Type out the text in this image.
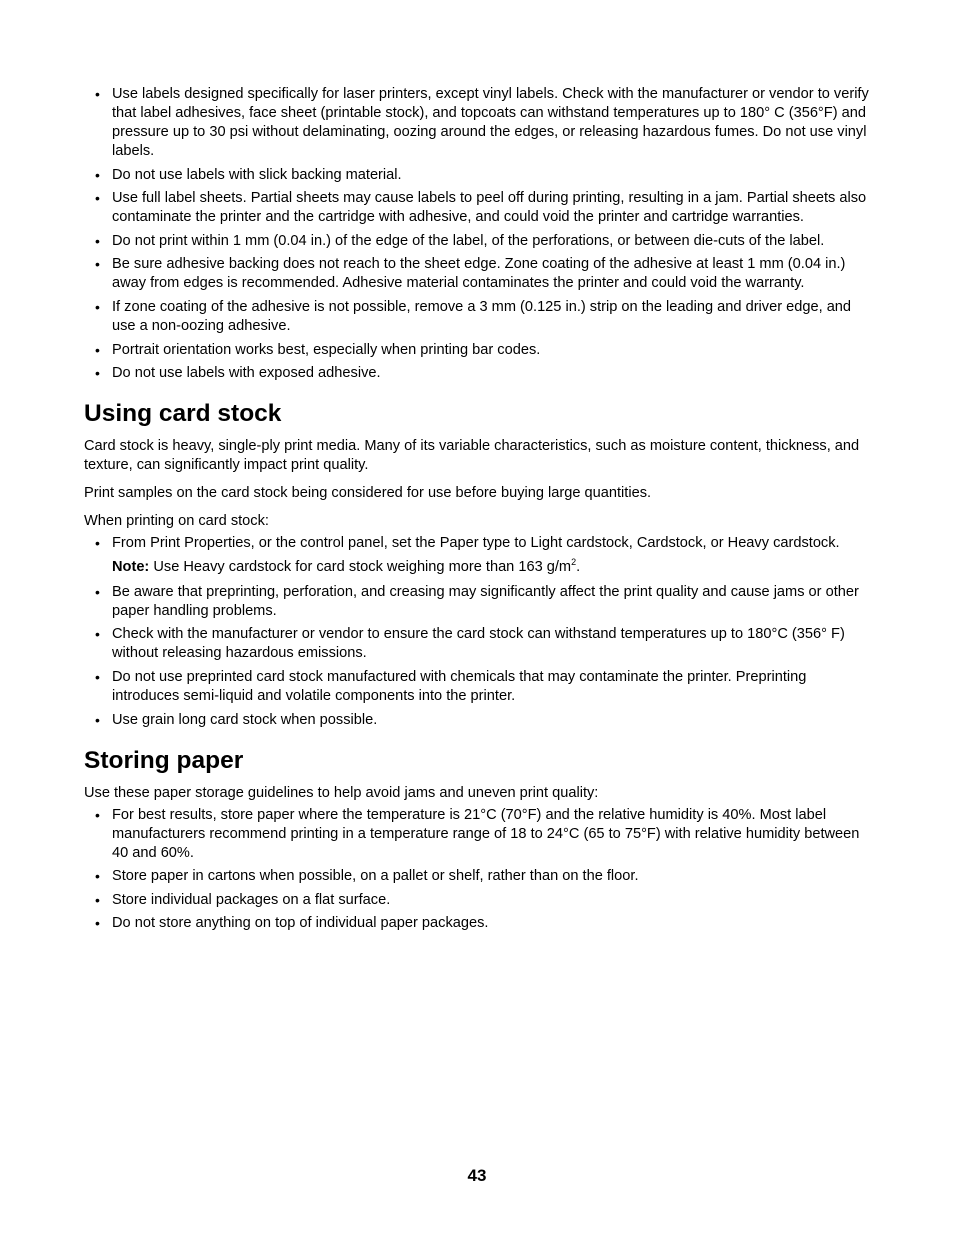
• Use labels designed specifically for laser printers, except vinyl labels. Check with the manufacturer or vendor to verify that label adhesives, face sheet (printable stock), and topcoats can withstand temperatures up to 180° C (356°F) and pressure up to 30 psi without delaminating, oozing around the edges, or releasing hazardous fumes. Do not use vinyl labels.
• Do not use labels with slick backing material.
• Use full label sheets. Partial sheets may cause labels to peel off during printing, resulting in a jam. Partial sheets also contaminate the printer and the cartridge with adhesive, and could void the printer and cartridge warranties.
• Do not print within 1 mm (0.04 in.) of the edge of the label, of the perforations, or between die-cuts of the label.
• Be sure adhesive backing does not reach to the sheet edge. Zone coating of the adhesive at least 1 mm (0.04 in.) away from edges is recommended. Adhesive material contaminates the printer and could void the warranty.
• If zone coating of the adhesive is not possible, remove a 3 mm (0.125 in.) strip on the leading and driver edge, and use a non-oozing adhesive.
• Portrait orientation works best, especially when printing bar codes.
• Do not use labels with exposed adhesive.
Using card stock

Card stock is heavy, single-ply print media. Many of its variable characteristics, such as moisture content, thickness, and texture, can significantly impact print quality.

Print samples on the card stock being considered for use before buying large quantities.

When printing on card stock:

• From Print Properties, or the control panel, set the Paper type to Light cardstock, Cardstock, or Heavy cardstock.
Note: Use Heavy cardstock for card stock weighing more than 163 $g/m^2$.
• Be aware that preprinting, perforation, and creasing may significantly affect the print quality and cause jams or other paper handling problems.
• Check with the manufacturer or vendor to ensure the card stock can withstand temperatures up to 180°C (356° F) without releasing hazardous emissions.
• Do not use preprinted card stock manufactured with chemicals that may contaminate the printer. Preprinting introduces semi-liquid and volatile components into the printer.
• Use grain long card stock when possible.
Storing paper

Use these paper storage guidelines to help avoid jams and uneven print quality:

• For best results, store paper where the temperature is 21°C (70°F) and the relative humidity is 40%. Most label manufacturers recommend printing in a temperature range of 18 to 24°C (65 to 75°F) with relative humidity between 40 and 60%.
• Store paper in cartons when possible, on a pallet or shelf, rather than on the floor.
• Store individual packages on a flat surface.
• Do not store anything on top of individual paper packages.
43
